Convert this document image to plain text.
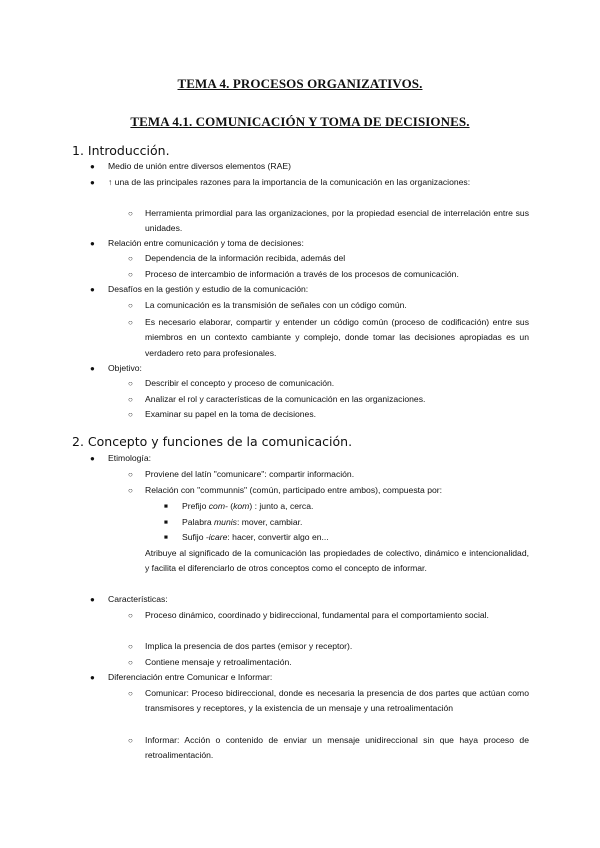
TEMA 4. PROCESOS ORGANIZATIVOS.
TEMA 4.1. COMUNICACIÓN Y TOMA DE DECISIONES.
1. Introducción.
● Medio de unión entre diversos elementos (RAE)
● ↑ una de las principales razones para la importancia de la comunicación en las organizaciones:
○ Herramienta primordial para las organizaciones, por la propiedad esencial de interrelación entre sus unidades.
● Relación entre comunicación y toma de decisiones:
○ Dependencia de la información recibida, además del
○ Proceso de intercambio de información a través de los procesos de comunicación.
● Desafíos en la gestión y estudio de la comunicación:
○ La comunicación es la transmisión de señales con un código común.
○ Es necesario elaborar, compartir y entender un código común (proceso de codificación) entre sus miembros en un contexto cambiante y complejo, donde tomar las decisiones apropiadas es un verdadero reto para profesionales.
● Objetivo:
○ Describir el concepto y proceso de comunicación.
○ Analizar el rol y características de la comunicación en las organizaciones.
○ Examinar su papel en la toma de decisiones.
2. Concepto y funciones de la comunicación.
● Etimología:
○ Proviene del latín "comunicare": compartir información.
○ Relación con "communnis" (común, participado entre ambos), compuesta por:
■ Prefijo com- (kom) : junto a, cerca.
■ Palabra munis: mover, cambiar.
■ Sufijo -icare: hacer, convertir algo en...
Atribuye al significado de la comunicación las propiedades de colectivo, dinámico e intencionalidad, y facilita el diferenciarlo de otros conceptos como el concepto de informar.
● Características:
○ Proceso dinámico, coordinado y bidireccional, fundamental para el comportamiento social.
○ Implica la presencia de dos partes (emisor y receptor).
○ Contiene mensaje y retroalimentación.
● Diferenciación entre Comunicar e Informar:
○ Comunicar: Proceso bidireccional, donde es necesaria la presencia de dos partes que actúan como transmisores y receptores, y la existencia de un mensaje y una retroalimentación
○ Informar: Acción o contenido de enviar un mensaje unidireccional sin que haya proceso de retroalimentación.
